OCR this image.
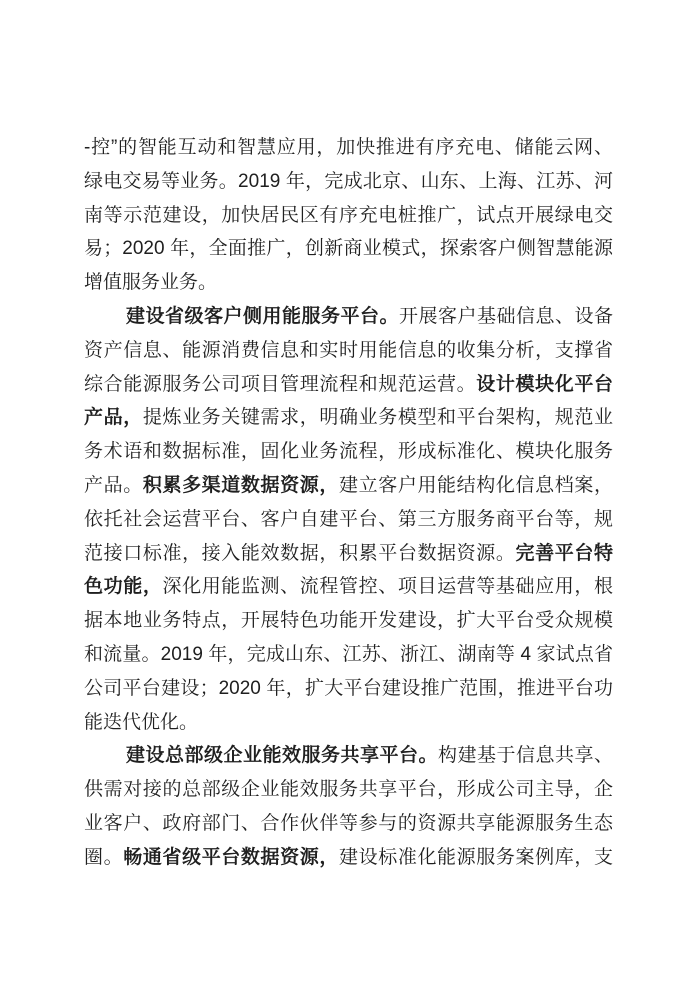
-控”的智能互动和智慧应用，加快推进有序充电、储能云网、
绿电交易等业务。2019 年，完成北京、山东、上海、江苏、河
南等示范建设，加快居民区有序充电桩推广，试点开展绿电交
易；2020 年，全面推广，创新商业模式，探索客户侧智慧能源
增值服务业务。
建设省级客户侧用能服务平台。开展客户基础信息、设备
资产信息、能源消费信息和实时用能信息的收集分析，支撑省
综合能源服务公司项目管理流程和规范运营。设计模块化平台
产品，提炼业务关键需求，明确业务模型和平台架构，规范业
务术语和数据标准，固化业务流程，形成标准化、模块化服务
产品。积累多渠道数据资源，建立客户用能结构化信息档案，
依托社会运营平台、客户自建平台、第三方服务商平台等，规
范接口标准，接入能效数据，积累平台数据资源。完善平台特
色功能，深化用能监测、流程管控、项目运营等基础应用，根
据本地业务特点，开展特色功能开发建设，扩大平台受众规模
和流量。2019 年，完成山东、江苏、浙江、湖南等 4 家试点省
公司平台建设；2020 年，扩大平台建设推广范围，推进平台功
能迭代优化。
建设总部级企业能效服务共享平台。构建基于信息共享、
供需对接的总部级企业能效服务共享平台，形成公司主导，企
业客户、政府部门、合作伙伴等参与的资源共享能源服务生态
圈。畅通省级平台数据资源，建设标准化能源服务案例库，支
